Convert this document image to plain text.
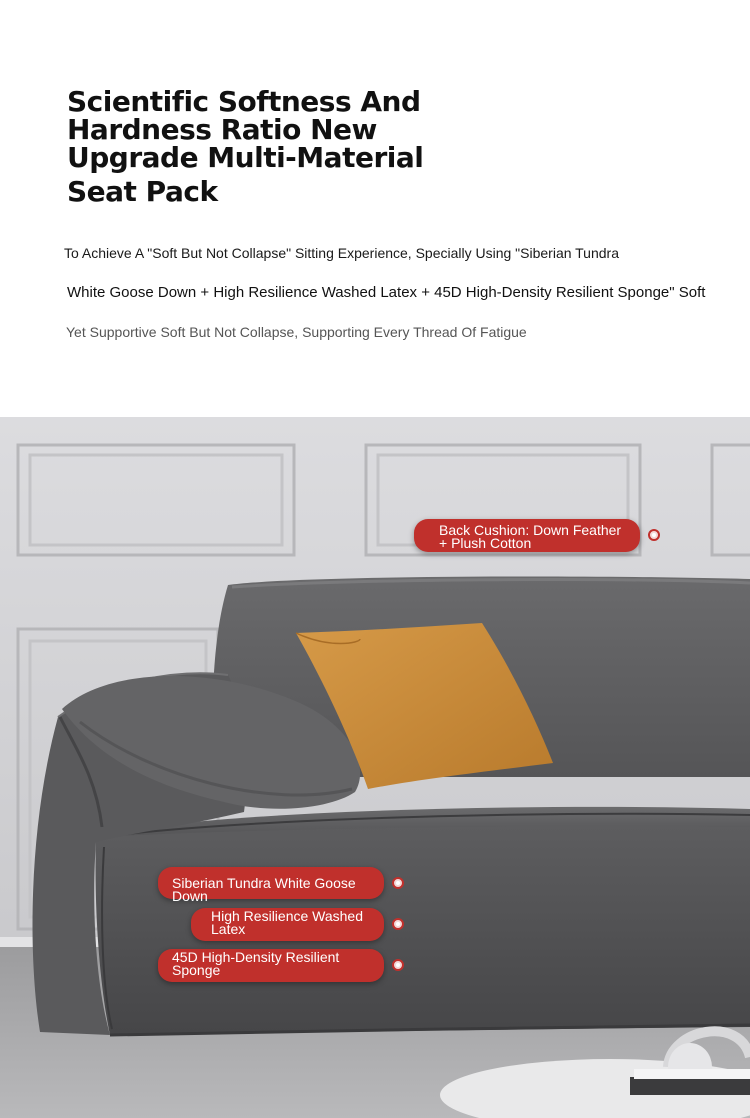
Scientific Softness And
Hardness Ratio New
Upgrade Multi-Material
Seat Pack
To Achieve A "Soft But Not Collapse" Sitting Experience, Specially Using "Siberian Tundra
White Goose Down + High Resilience Washed Latex + 45D High-Density Resilient Sponge" Soft
Yet Supportive Soft But Not Collapse, Supporting Every Thread Of Fatigue
Back Cushion: Down Feather + Plush Cotton
Siberian Tundra White Goose Down
High Resilience Washed Latex
45D High-Density Resilient Sponge
